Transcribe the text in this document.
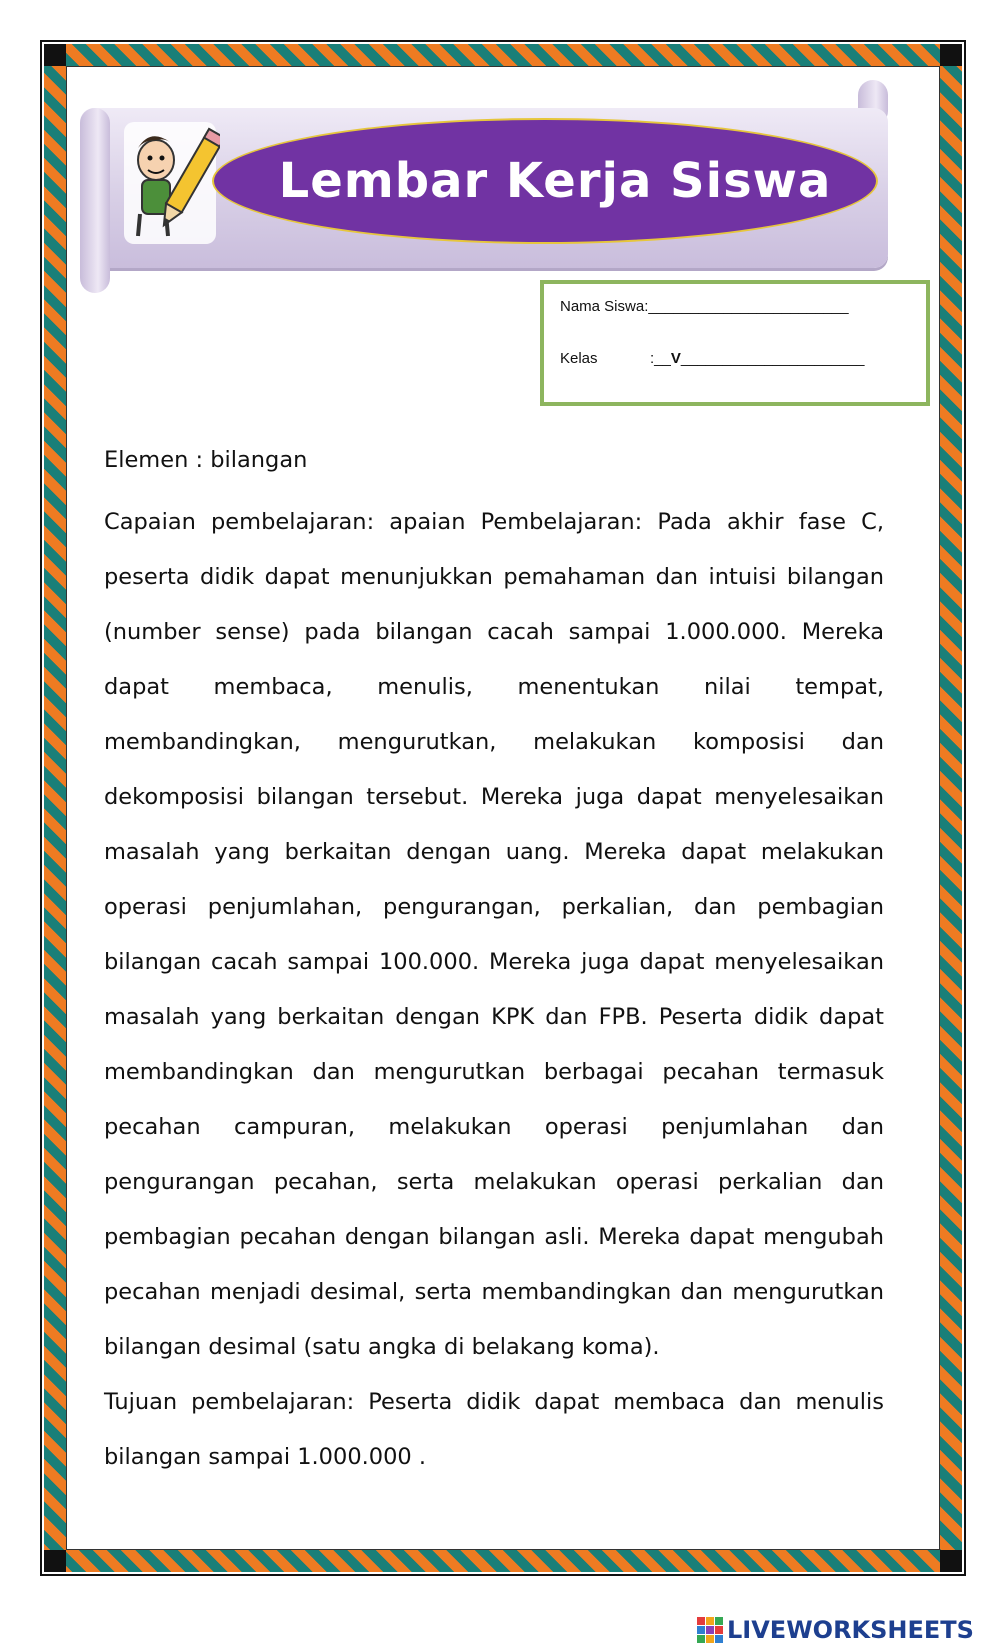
Lembar Kerja Siswa
Nama Siswa:________________________
Kelas	:__V______________________

Elemen : bilangan

Capaian pembelajaran: apaian Pembelajaran: Pada akhir fase C, peserta didik dapat menunjukkan pemahaman dan intuisi bilangan (number sense) pada bilangan cacah sampai 1.000.000. Mereka dapat membaca, menulis, menentukan nilai tempat, membandingkan, mengurutkan, melakukan komposisi dan dekomposisi bilangan tersebut. Mereka juga dapat menyelesaikan masalah yang berkaitan dengan uang. Mereka dapat melakukan operasi penjumlahan, pengurangan, perkalian, dan pembagian bilangan cacah sampai 100.000. Mereka juga dapat menyelesaikan masalah yang berkaitan dengan KPK dan FPB. Peserta didik dapat membandingkan dan mengurutkan berbagai pecahan termasuk pecahan campuran, melakukan operasi penjumlahan dan pengurangan pecahan, serta melakukan operasi perkalian dan pembagian pecahan dengan bilangan asli. Mereka dapat mengubah pecahan menjadi desimal, serta membandingkan dan mengurutkan bilangan desimal (satu angka di belakang koma).

Tujuan pembelajaran: Peserta didik dapat membaca dan menulis bilangan sampai 1.000.000 .

LIVEWORKSHEETS
